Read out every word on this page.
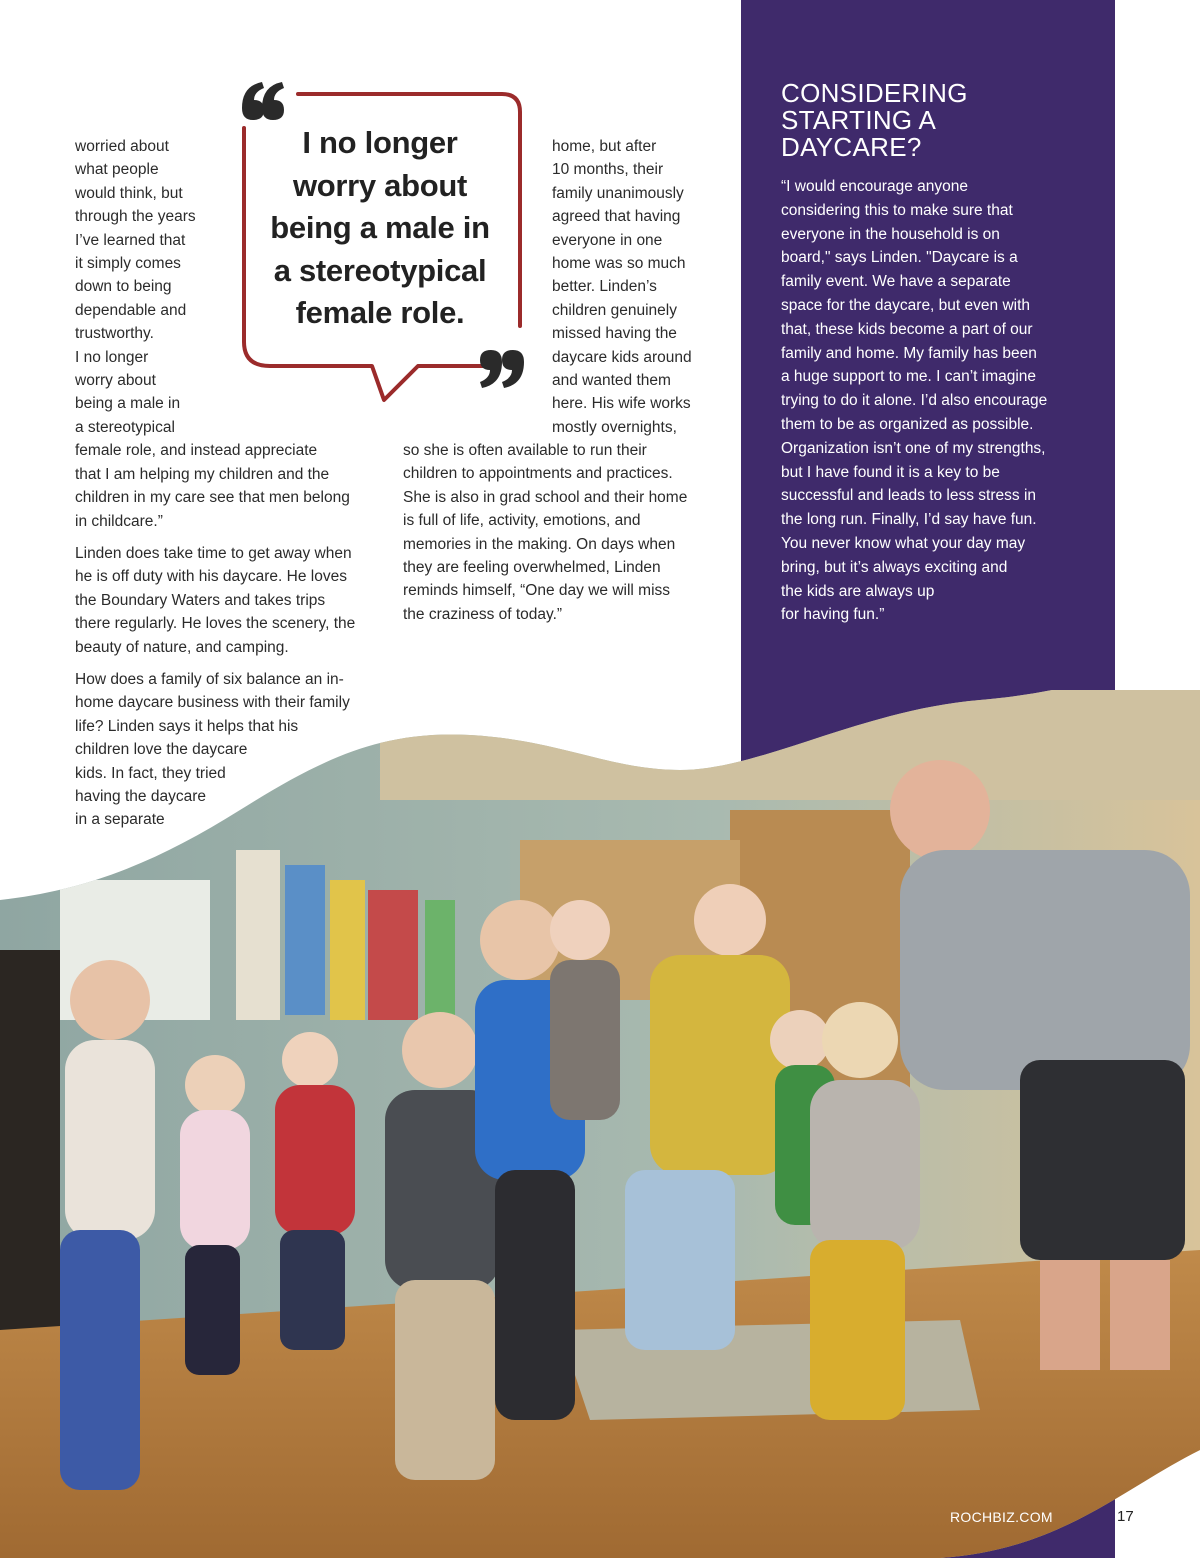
CONSIDERING
STARTING A
DAYCARE?
“I would encourage anyone
considering this to make sure that
everyone in the household is on
board," says Linden. "Daycare is a
family event. We have a separate
space for the daycare, but even with
that, these kids become a part of our
family and home. My family has been
a huge support to me. I can’t imagine
trying to do it alone. I’d also encourage
them to be as organized as possible.
Organization isn’t one of my strengths,
but I have found it is a key to be
successful and leads to less stress in
the long run. Finally, I’d say have fun.
You never know what your day may
bring, but it’s always exciting and
the kids are always up
for having fun.”
worried about
what people
would think, but
through the years
I’ve learned that
it simply comes
down to being
dependable and
trustworthy.
I no longer
worry about
being a male in
a stereotypical
female role, and instead appreciate
that I am helping my children and the
children in my care see that men belong
in childcare.”
Linden does take time to get away when
he is off duty with his daycare. He loves
the Boundary Waters and takes trips
there regularly. He loves the scenery, the
beauty of nature, and camping.
How does a family of six balance an in-
home daycare business with their family
life? Linden says it helps that his
children love the daycare
kids. In fact, they tried
having the daycare
in a separate
home, but after
10 months, their
family unanimously
agreed that having
everyone in one
home was so much
better. Linden’s
children genuinely
missed having the
daycare kids around
and wanted them
here. His wife works
mostly overnights,
so she is often available to run their
children to appointments and practices.
She is also in grad school and their home
is full of life, activity, emotions, and
memories in the making. On days when
they are feeling overwhelmed, Linden
reminds himself, “One day we will miss
the craziness of today.”
I no longer
worry about
being a male in
a stereotypical
female role.
ROCHBIZ.COM	17
